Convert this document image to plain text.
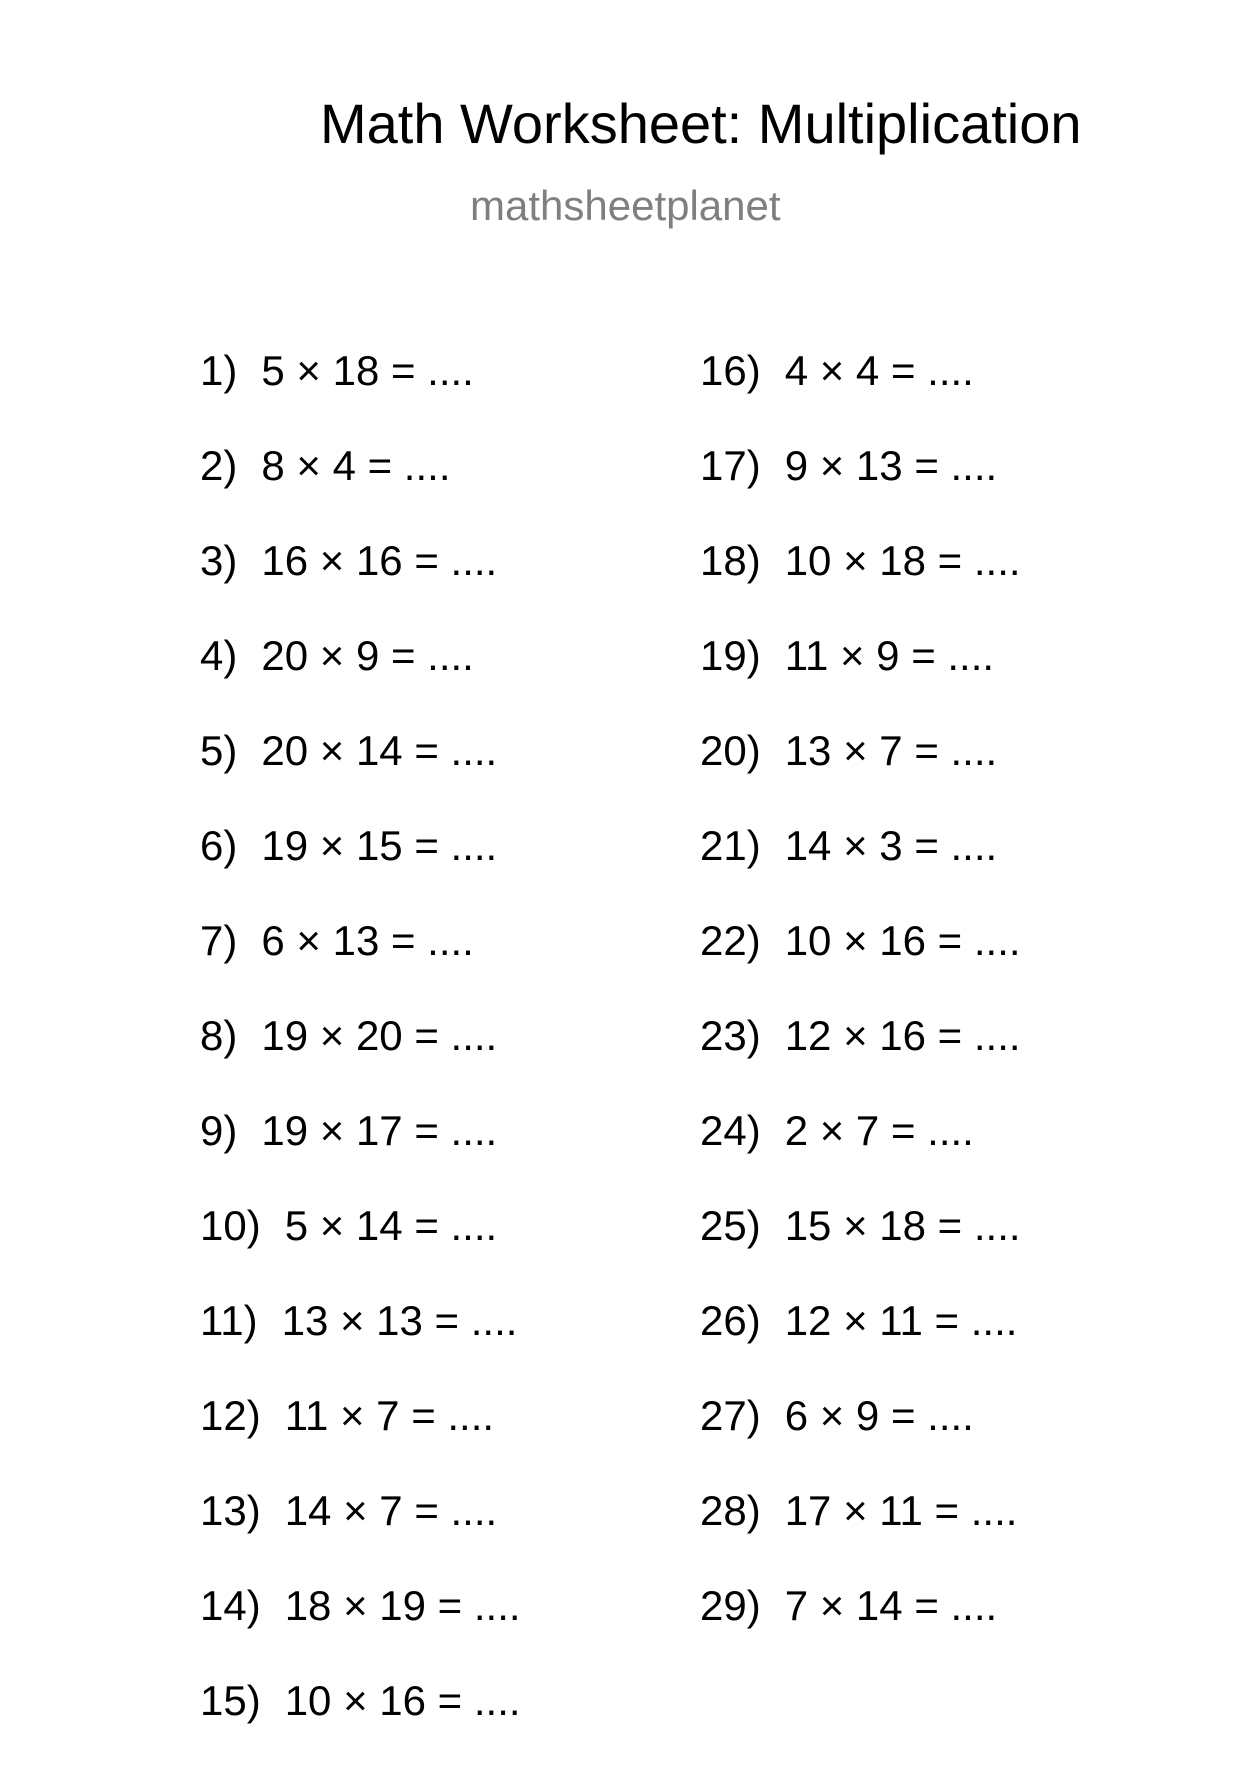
Math Worksheet: Multiplication
mathsheetplanet
1) 5 × 18 = ....
2) 8 × 4 = ....
3) 16 × 16 = ....
4) 20 × 9 = ....
5) 20 × 14 = ....
6) 19 × 15 = ....
7) 6 × 13 = ....
8) 19 × 20 = ....
9) 19 × 17 = ....
10) 5 × 14 = ....
11) 13 × 13 = ....
12) 11 × 7 = ....
13) 14 × 7 = ....
14) 18 × 19 = ....
15) 10 × 16 = ....
16) 4 × 4 = ....
17) 9 × 13 = ....
18) 10 × 18 = ....
19) 11 × 9 = ....
20) 13 × 7 = ....
21) 14 × 3 = ....
22) 10 × 16 = ....
23) 12 × 16 = ....
24) 2 × 7 = ....
25) 15 × 18 = ....
26) 12 × 11 = ....
27) 6 × 9 = ....
28) 17 × 11 = ....
29) 7 × 14 = ....
